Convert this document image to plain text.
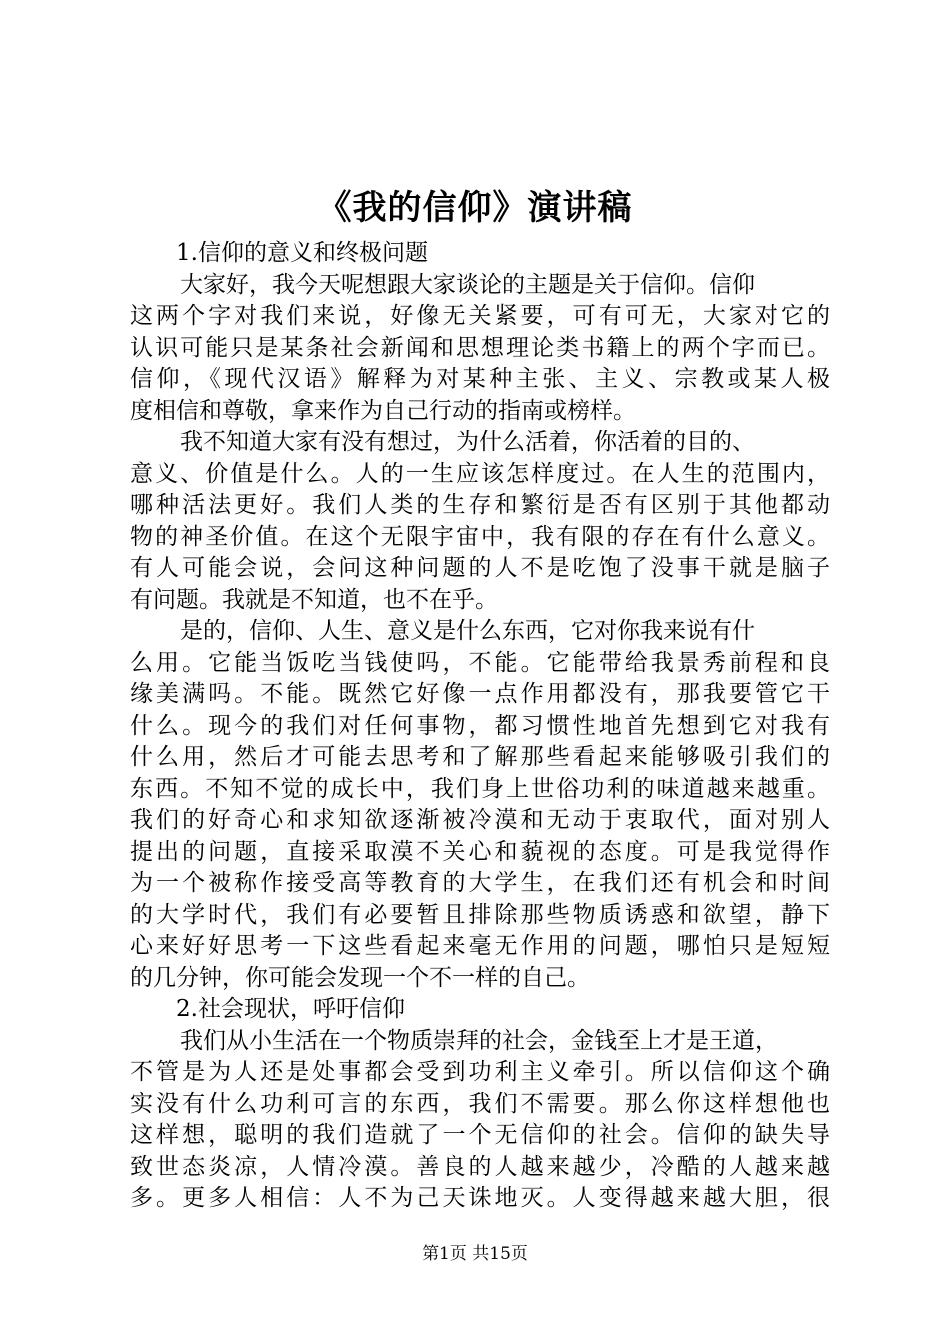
《我的信仰》演讲稿
1.信仰的意义和终极问题
大家好，我今天呢想跟大家谈论的主题是关于信仰。信仰
这两个字对我们来说，好像无关紧要，可有可无，大家对它的
认识可能只是某条社会新闻和思想理论类书籍上的两个字而已。
信仰，《现代汉语》解释为对某种主张、主义、宗教或某人极
度相信和尊敬，拿来作为自己行动的指南或榜样。
我不知道大家有没有想过，为什么活着，你活着的目的、
意义、价值是什么。人的一生应该怎样度过。在人生的范围内，
哪种活法更好。我们人类的生存和繁衍是否有区别于其他都动
物的神圣价值。在这个无限宇宙中，我有限的存在有什么意义。
有人可能会说，会问这种问题的人不是吃饱了没事干就是脑子
有问题。我就是不知道，也不在乎。
是的，信仰、人生、意义是什么东西，它对你我来说有什
么用。它能当饭吃当钱使吗，不能。它能带给我景秀前程和良
缘美满吗。不能。既然它好像一点作用都没有，那我要管它干
什么。现今的我们对任何事物，都习惯性地首先想到它对我有
什么用，然后才可能去思考和了解那些看起来能够吸引我们的
东西。不知不觉的成长中，我们身上世俗功利的味道越来越重。
我们的好奇心和求知欲逐渐被冷漠和无动于衷取代，面对别人
提出的问题，直接采取漠不关心和藐视的态度。可是我觉得作
为一个被称作接受高等教育的大学生，在我们还有机会和时间
的大学时代，我们有必要暂且排除那些物质诱惑和欲望，静下
心来好好思考一下这些看起来毫无作用的问题，哪怕只是短短
的几分钟，你可能会发现一个不一样的自己。
2.社会现状，呼吁信仰
我们从小生活在一个物质崇拜的社会，金钱至上才是王道，
不管是为人还是处事都会受到功利主义牵引。所以信仰这个确
实没有什么功利可言的东西，我们不需要。那么你这样想他也
这样想，聪明的我们造就了一个无信仰的社会。信仰的缺失导
致世态炎凉，人情冷漠。善良的人越来越少，冷酷的人越来越
多。更多人相信：人不为己天诛地灭。人变得越来越大胆，很
第1页 共15页
